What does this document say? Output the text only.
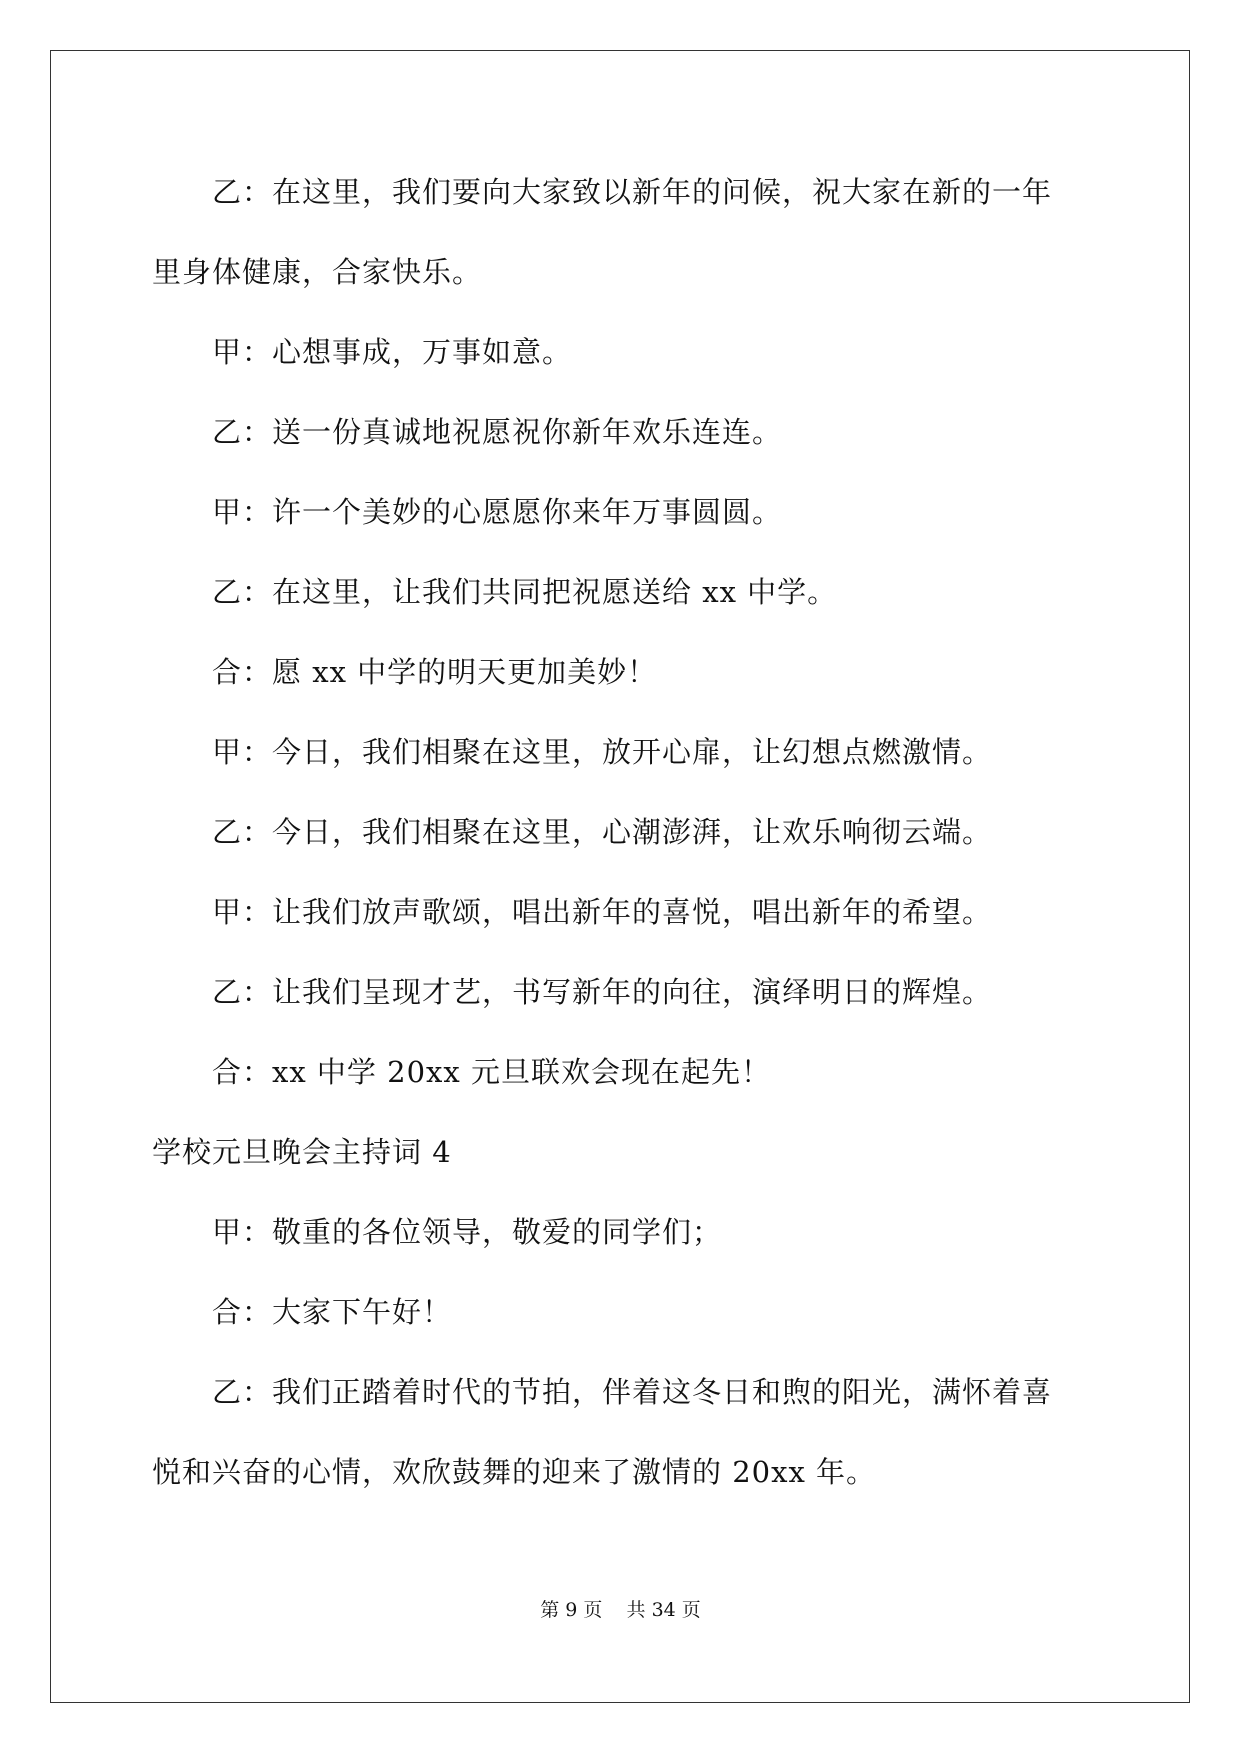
乙：在这里，我们要向大家致以新年的问候，祝大家在新的一年
里身体健康，合家快乐。
甲：心想事成，万事如意。
乙：送一份真诚地祝愿祝你新年欢乐连连。
甲：许一个美妙的心愿愿你来年万事圆圆。
乙：在这里，让我们共同把祝愿送给 xx 中学。
合：愿 xx 中学的明天更加美妙！
甲：今日，我们相聚在这里，放开心扉，让幻想点燃激情。
乙：今日，我们相聚在这里，心潮澎湃，让欢乐响彻云端。
甲：让我们放声歌颂，唱出新年的喜悦，唱出新年的希望。
乙：让我们呈现才艺，书写新年的向往，演绎明日的辉煌。
合：xx 中学 20xx 元旦联欢会现在起先！
学校元旦晚会主持词 4
甲：敬重的各位领导，敬爱的同学们；
合：大家下午好！
乙：我们正踏着时代的节拍，伴着这冬日和煦的阳光，满怀着喜
悦和兴奋的心情，欢欣鼓舞的迎来了激情的 20xx 年。
第 9 页    共 34 页
